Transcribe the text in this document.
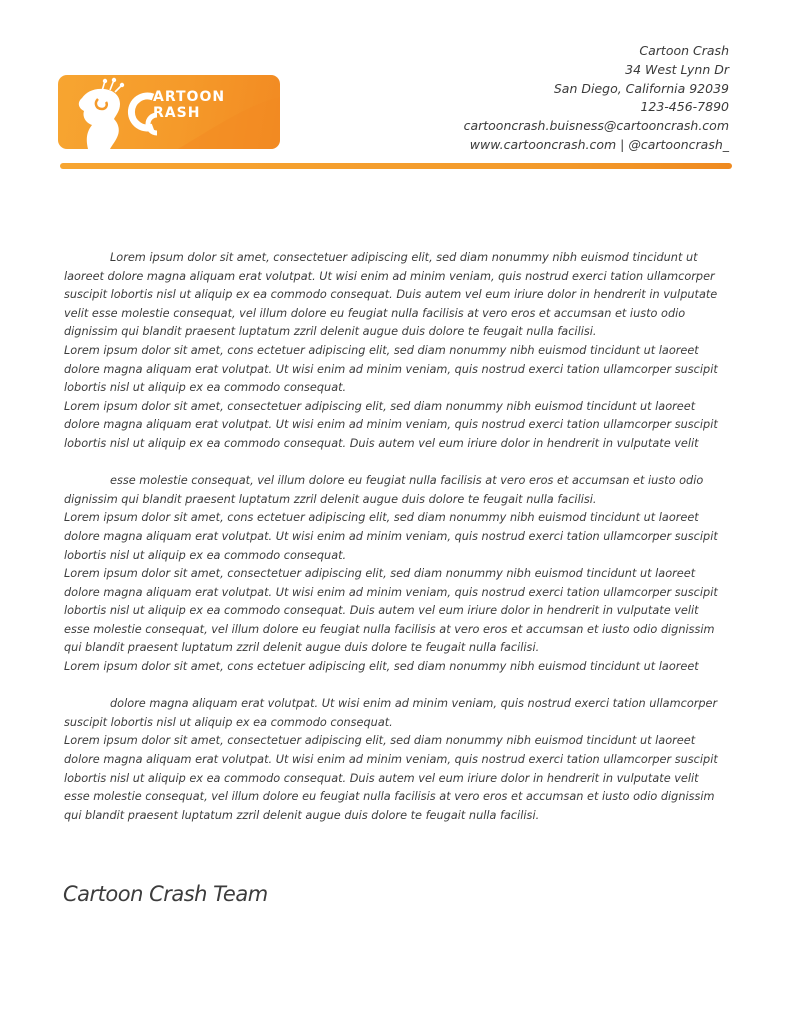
ARTOON
RASH
Cartoon Crash
34 West Lynn Dr
San Diego, California 92039
123-456-7890
cartooncrash.buisness@cartooncrash.com
www.cartooncrash.com | @cartooncrash_

Lorem ipsum dolor sit amet, consectetuer adipiscing elit, sed diam nonummy nibh euismod tincidunt ut
laoreet dolore magna aliquam erat volutpat. Ut wisi enim ad minim veniam, quis nostrud exerci tation ullamcorper
suscipit lobortis nisl ut aliquip ex ea commodo consequat. Duis autem vel eum iriure dolor in hendrerit in vulputate
velit esse molestie consequat, vel illum dolore eu feugiat nulla facilisis at vero eros et accumsan et iusto odio
dignissim qui blandit praesent luptatum zzril delenit augue duis dolore te feugait nulla facilisi.

Lorem ipsum dolor sit amet, cons ectetuer adipiscing elit, sed diam nonummy nibh euismod tincidunt ut laoreet
dolore magna aliquam erat volutpat. Ut wisi enim ad minim veniam, quis nostrud exerci tation ullamcorper suscipit
lobortis nisl ut aliquip ex ea commodo consequat.

Lorem ipsum dolor sit amet, consectetuer adipiscing elit, sed diam nonummy nibh euismod tincidunt ut laoreet
dolore magna aliquam erat volutpat. Ut wisi enim ad minim veniam, quis nostrud exerci tation ullamcorper suscipit
lobortis nisl ut aliquip ex ea commodo consequat. Duis autem vel eum iriure dolor in hendrerit in vulputate velit

esse molestie consequat, vel illum dolore eu feugiat nulla facilisis at vero eros et accumsan et iusto odio
dignissim qui blandit praesent luptatum zzril delenit augue duis dolore te feugait nulla facilisi.

Lorem ipsum dolor sit amet, cons ectetuer adipiscing elit, sed diam nonummy nibh euismod tincidunt ut laoreet
dolore magna aliquam erat volutpat. Ut wisi enim ad minim veniam, quis nostrud exerci tation ullamcorper suscipit
lobortis nisl ut aliquip ex ea commodo consequat.

Lorem ipsum dolor sit amet, consectetuer adipiscing elit, sed diam nonummy nibh euismod tincidunt ut laoreet
dolore magna aliquam erat volutpat. Ut wisi enim ad minim veniam, quis nostrud exerci tation ullamcorper suscipit
lobortis nisl ut aliquip ex ea commodo consequat. Duis autem vel eum iriure dolor in hendrerit in vulputate velit
esse molestie consequat, vel illum dolore eu feugiat nulla facilisis at vero eros et accumsan et iusto odio dignissim
qui blandit praesent luptatum zzril delenit augue duis dolore te feugait nulla facilisi.

Lorem ipsum dolor sit amet, cons ectetuer adipiscing elit, sed diam nonummy nibh euismod tincidunt ut laoreet

dolore magna aliquam erat volutpat. Ut wisi enim ad minim veniam, quis nostrud exerci tation ullamcorper
suscipit lobortis nisl ut aliquip ex ea commodo consequat.

Lorem ipsum dolor sit amet, consectetuer adipiscing elit, sed diam nonummy nibh euismod tincidunt ut laoreet
dolore magna aliquam erat volutpat. Ut wisi enim ad minim veniam, quis nostrud exerci tation ullamcorper suscipit
lobortis nisl ut aliquip ex ea commodo consequat. Duis autem vel eum iriure dolor in hendrerit in vulputate velit
esse molestie consequat, vel illum dolore eu feugiat nulla facilisis at vero eros et accumsan et iusto odio dignissim
qui blandit praesent luptatum zzril delenit augue duis dolore te feugait nulla facilisi.

Cartoon Crash Team
